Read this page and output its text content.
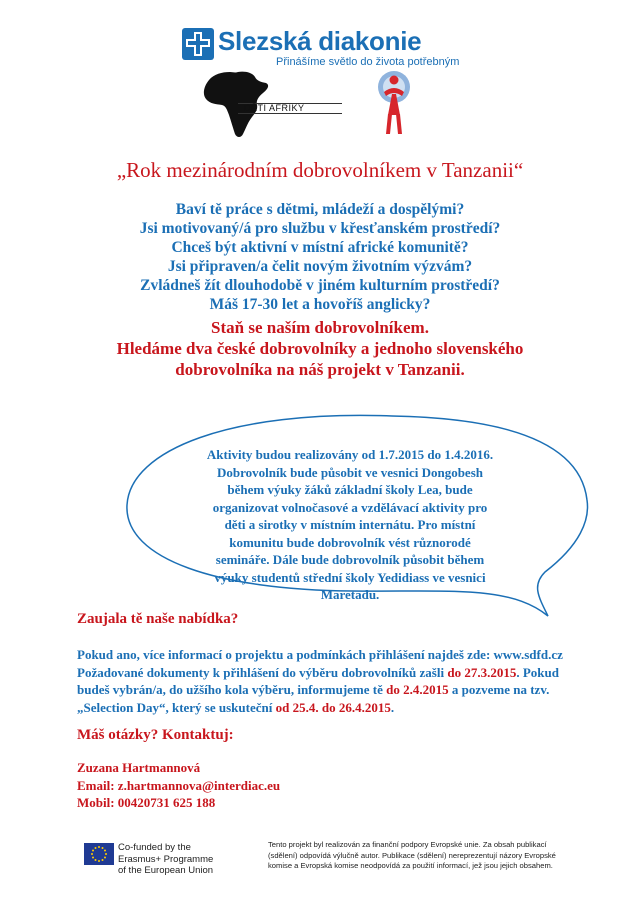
Slezská diakonie
Přinášíme světlo do života potřebným
DĚTI AFRIKY
„Rok mezinárodním dobrovolníkem v Tanzanii“
Baví tě práce s dětmi, mládeží a dospělými?
Jsi motivovaný/á pro službu v křesťanském prostředí?
Chceš být aktivní v místní africké komunitě?
Jsi připraven/a čelit novým životním výzvám?
Zvládneš žít dlouhodobě v jiném kulturním prostředí?
Máš 17-30 let a hovoříš anglicky?
Staň se naším dobrovolníkem.
Hledáme dva české dobrovolníky a jednoho slovenského
dobrovolníka na náš projekt v Tanzanii.
Aktivity budou realizovány od 1.7.2015 do 1.4.2016.
Dobrovolník bude působit ve vesnici Dongobesh
během výuky žáků základní školy Lea, bude
organizovat volnočasové a vzdělávací aktivity pro
děti a sirotky v místním internátu. Pro místní
komunitu bude dobrovolník vést různorodé
semináře. Dále bude dobrovolník působit během
výuky studentů střední školy Yedidiass ve vesnici
Maretadu.
Zaujala tě naše nabídka?
Pokud ano, více informací o projektu a podmínkách přihlášení najdeš zde: www.sdfd.cz
Požadované dokumenty k přihlášení do výběru dobrovolníků zašli do 27.3.2015. Pokud
budeš vybrán/a, do užšího kola výběru, informujeme tě do 2.4.2015 a pozveme na tzv.
„Selection Day“, který se uskuteční od 25.4. do 26.4.2015.
Máš otázky? Kontaktuj:
Zuzana Hartmannová
Email: z.hartmannova@interdiac.eu
Mobil: 00420731 625 188
Co-funded by the
Erasmus+ Programme
of the European Union
Tento projekt byl realizován za finanční podpory Evropské unie. Za obsah publikací (sdělení) odpovídá výlučně autor. Publikace (sdělení) nereprezentují názory Evropské komise a Evropská komise neodpovídá za použití informací, jež jsou jejich obsahem.
